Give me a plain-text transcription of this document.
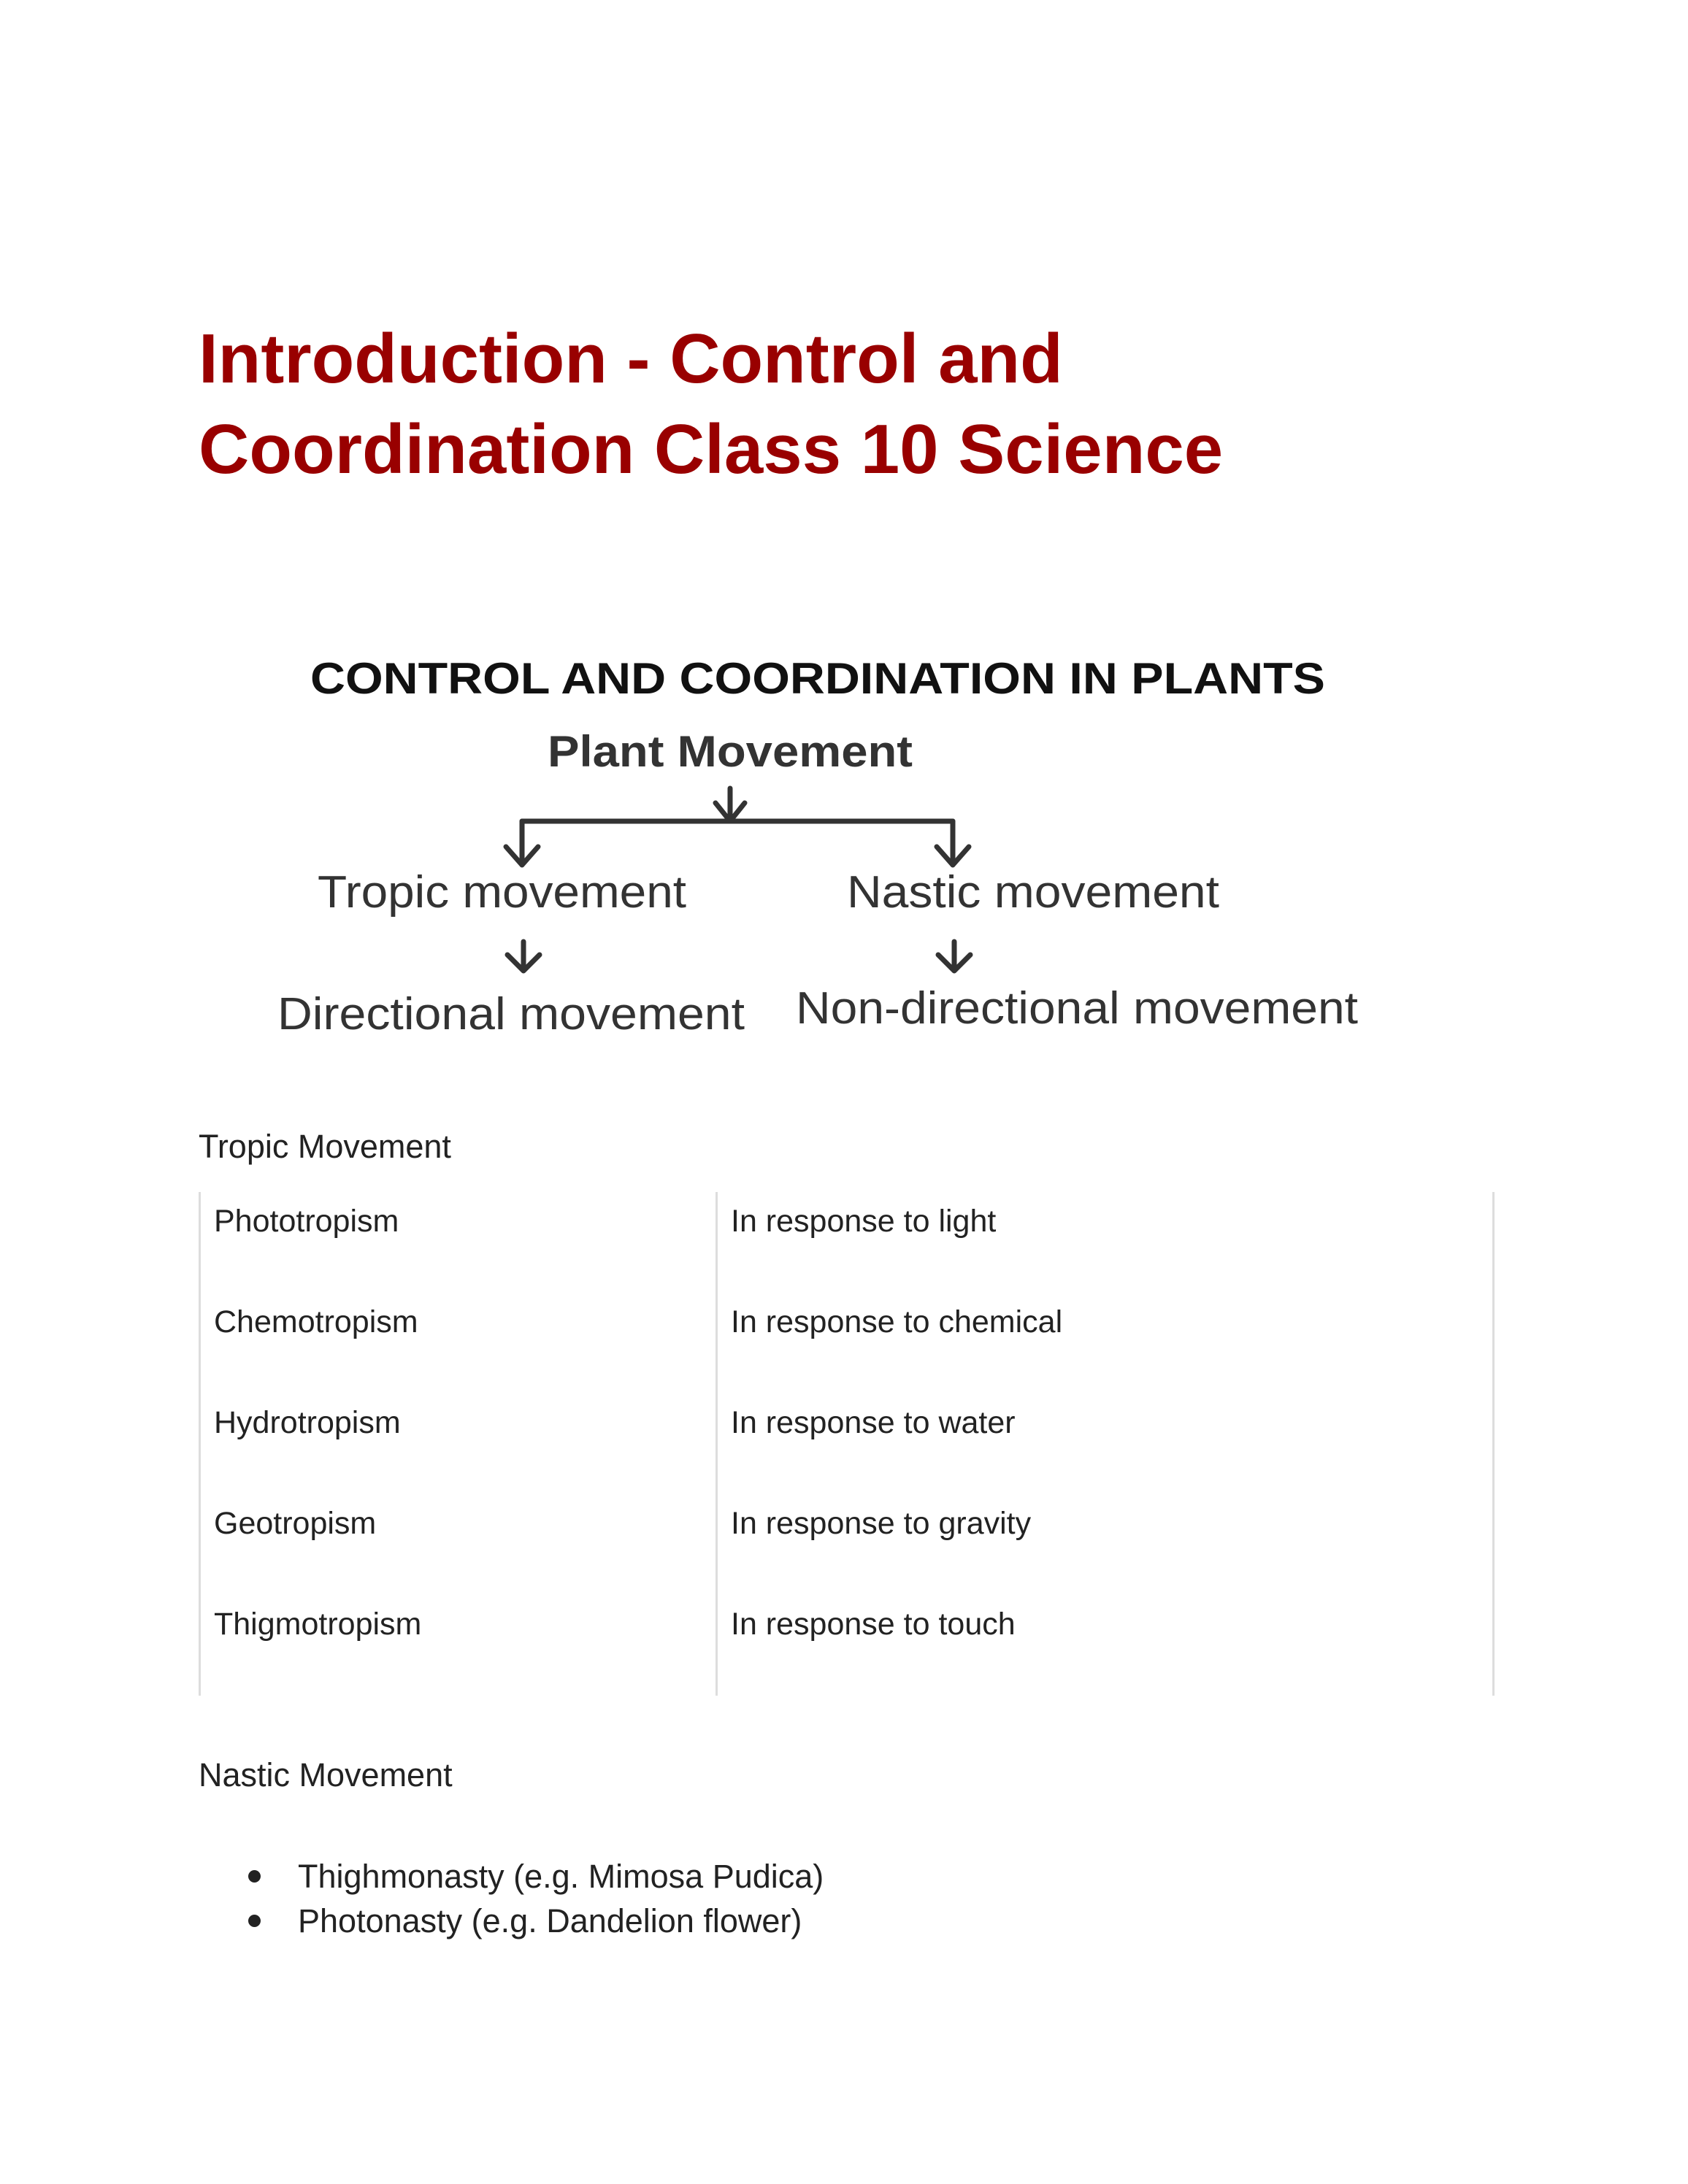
Introduction - Control and
Coordination Class 10 Science
CONTROL AND COORDINATION IN PLANTS
Plant Movement
Tropic movement	Nastic movement
Directional movement Non-directional movement
Tropic Movement
Phototropism	In response to light

Chemotropism	In response to chemical

Hydrotropism	In response to water

Geotropism	In response to gravity

Thigmotropism	In response to touch
Nastic Movement
Thighmonasty (e.g. Mimosa Pudica)
Photonasty (e.g. Dandelion flower)
